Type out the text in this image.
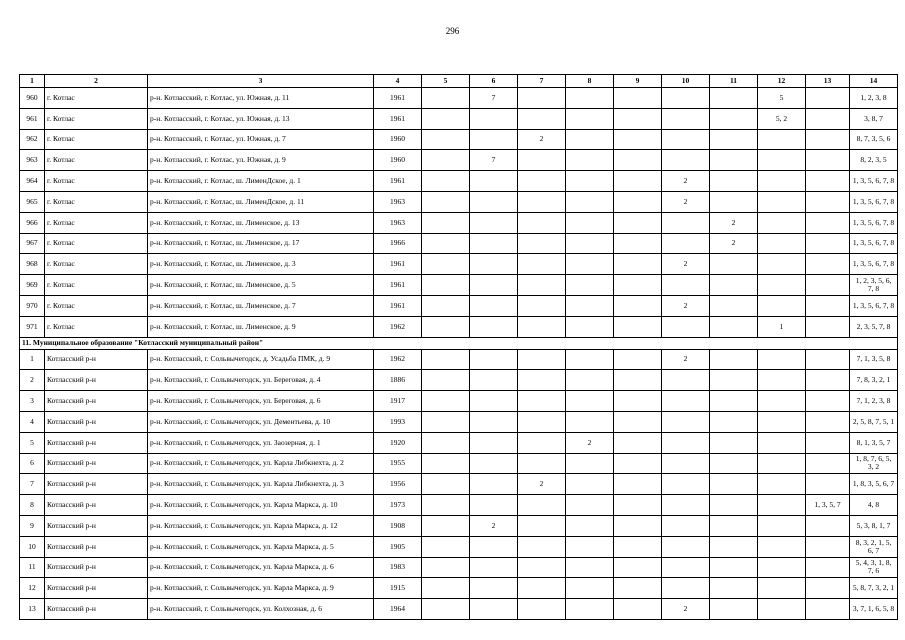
296
1	2	3	4	5	6	7	8	9	10	11	12	13	14
960	г. Котлас	р-н. Котласский, г. Котлас, ул. Южная, д. 11	1961		7						5		1, 2, 3, 8
961	г. Котлас	р-н. Котласский, г. Котлас, ул. Южная, д. 13	1961								5, 2		3, 8, 7
962	г. Котлас	р-н. Котласский, г. Котлас, ул. Южная, д. 7	1960			2							8, 7, 3, 5, 6
963	г. Котлас	р-н. Котласский, г. Котлас, ул. Южная, д. 9	1960		7								8, 2, 3, 5
964	г. Котлас	р-н. Котласский, г. Котлас, ш. ЛименДское, д. 1	1961						2				1, 3, 5, 6, 7, 8
965	г. Котлас	р-н. Котласский, г. Котлас, ш. ЛименДское, д. 11	1963						2				1, 3, 5, 6, 7, 8
966	г. Котлас	р-н. Котласский, г. Котлас, ш. Лименское, д. 13	1963							2			1, 3, 5, 6, 7, 8
967	г. Котлас	р-н. Котласский, г. Котлас, ш. Лименское, д. 17	1966							2			1, 3, 5, 6, 7, 8
968	г. Котлас	р-н. Котласский, г. Котлас, ш. Лименское, д. 3	1961						2				1, 3, 5, 6, 7, 8
969	г. Котлас	р-н. Котласский, г. Котлас, ш. Лименское, д. 5	1961										1, 2, 3, 5, 6, 7, 8
970	г. Котлас	р-н. Котласский, г. Котлас, ш. Лименское, д. 7	1961						2				1, 3, 5, 6, 7, 8
971	г. Котлас	р-н. Котласский, г. Котлас, ш. Лименское, д. 9	1962								1		2, 3, 5, 7, 8
11. Муниципальное образование "Котласский муниципальный район"													
1	Котласский р-н	р-н. Котласский, г. Сольвычегодск, д. Усадьба ПМК, д. 9	1962						2				7, 1, 3, 5, 8
2	Котласский р-н	р-н. Котласский, г. Сольвычегодск, ул. Береговая, д. 4	1886										7, 8, 3, 2, 1
3	Котласский р-н	р-н. Котласский, г. Сольвычегодск, ул. Береговая, д. 6	1917										7, 1, 2, 3, 8
4	Котласский р-н	р-н. Котласский, г. Сольвычегодск, ул. Дементьева, д. 10	1993										2, 5, 8, 7, 5, 1
5	Котласский р-н	р-н. Котласский, г. Сольвычегодск, ул. Заозерная, д. 1	1920				2						8, 1, 3, 5, 7
6	Котласский р-н	р-н. Котласский, г. Сольвычегодск, ул. Карла Либкнехта, д. 2	1955										1, 8, 7, 6, 5, 3, 2
7	Котласский р-н	р-н. Котласский, г. Сольвычегодск, ул. Карла Либкнехта, д. 3	1956			2							1, 8, 3, 5, 6, 7
8	Котласский р-н	р-н. Котласский, г. Сольвычегодск, ул. Карла Маркса, д. 10	1973									1, 3, 5, 7	4, 8
9	Котласский р-н	р-н. Котласский, г. Сольвычегодск, ул. Карла Маркса, д. 12	1908		2								5, 3, 8, 1, 7
10	Котласский р-н	р-н. Котласский, г. Сольвычегодск, ул. Карла Маркса, д. 5	1905										8, 3, 2, 1, 5, 6, 7
11	Котласский р-н	р-н. Котласский, г. Сольвычегодск, ул. Карла Маркса, д. 6	1983										5, 4, 3, 1, 8, 7, 6
12	Котласский р-н	р-н. Котласский, г. Сольвычегодск, ул. Карла Маркса, д. 9	1915										5, 8, 7, 3, 2, 1
13	Котласский р-н	р-н. Котласский, г. Сольвычегодск, ул. Колхозная, д. 6	1964						2				3, 7, 1, 6, 5, 8
